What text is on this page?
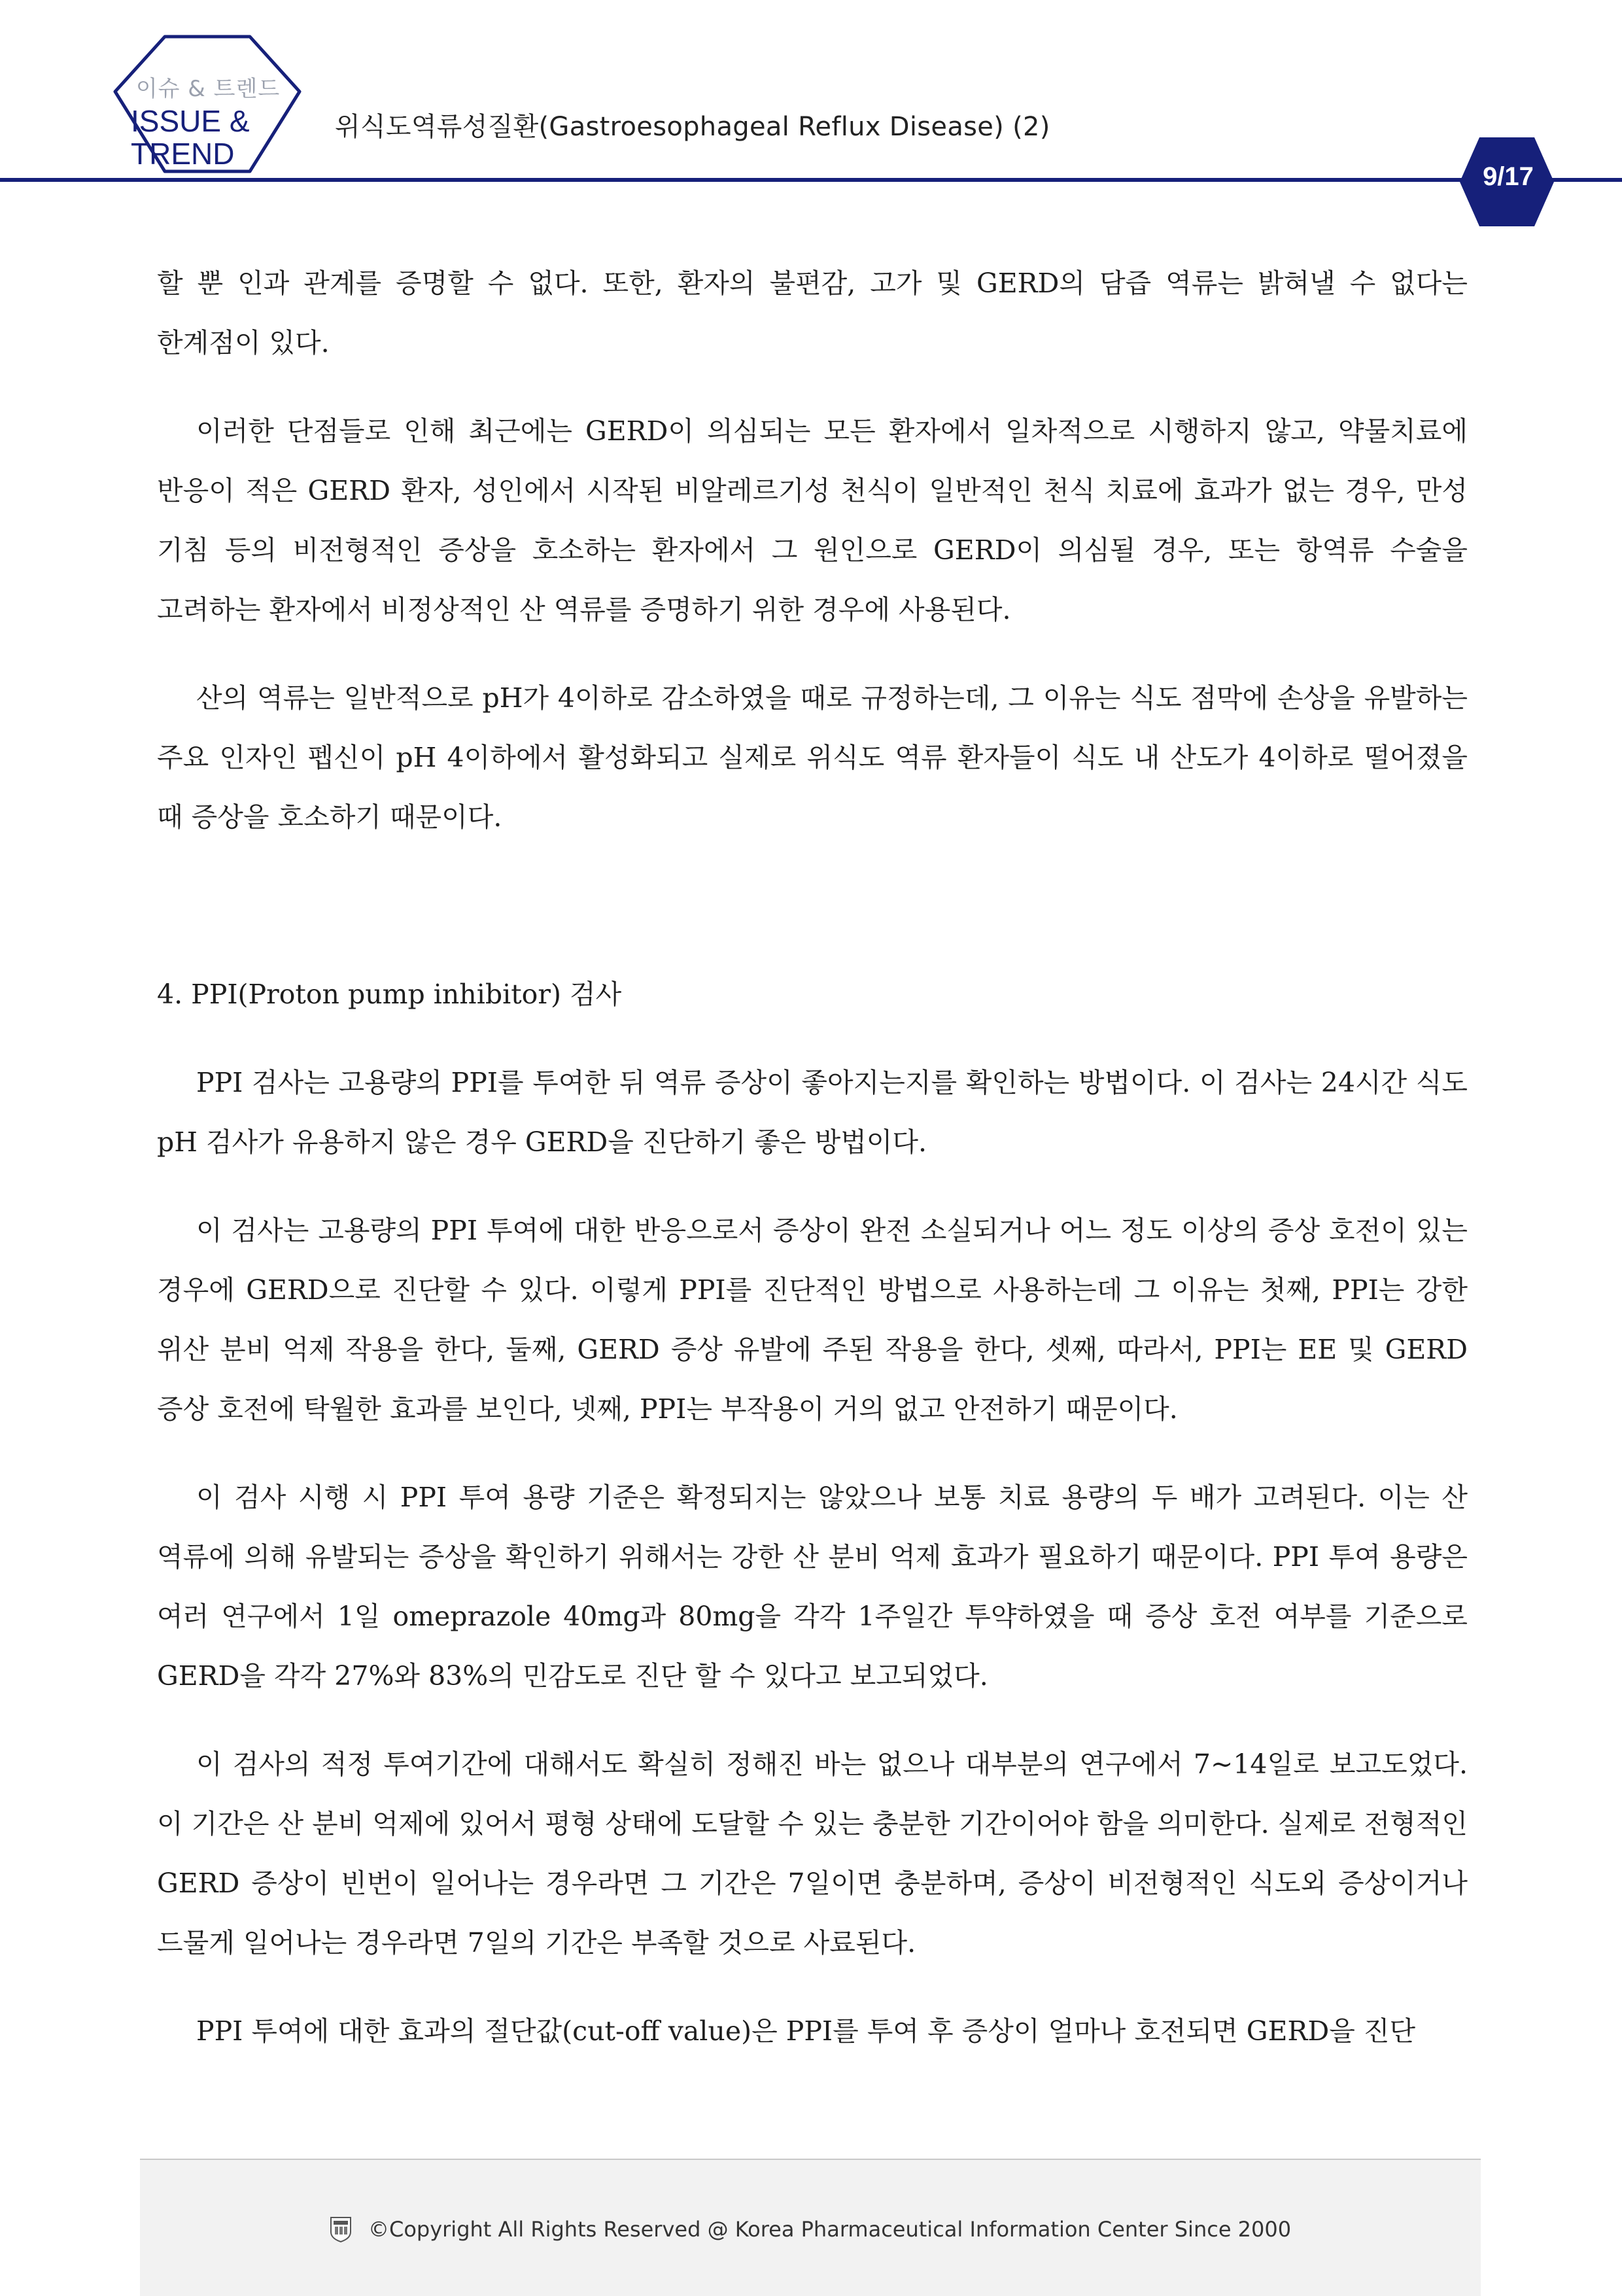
이슈 & 트렌드
ISSUE &
TREND
위식도역류성질환(Gastroesophageal Reflux Disease) (2)
9/17

할 뿐 인과 관계를 증명할 수 없다. 또한, 환자의 불편감, 고가 및 GERD의 담즙 역류는 밝혀낼 수 없다는 한계점이 있다.

이러한 단점들로 인해 최근에는 GERD이 의심되는 모든 환자에서 일차적으로 시행하지 않고, 약물치료에 반응이 적은 GERD 환자, 성인에서 시작된 비알레르기성 천식이 일반적인 천식 치료에 효과가 없는 경우, 만성 기침 등의 비전형적인 증상을 호소하는 환자에서 그 원인으로 GERD이 의심될 경우, 또는 항역류 수술을 고려하는 환자에서 비정상적인 산 역류를 증명하기 위한 경우에 사용된다.

산의 역류는 일반적으로 pH가 4이하로 감소하였을 때로 규정하는데, 그 이유는 식도 점막에 손상을 유발하는 주요 인자인 펩신이 pH 4이하에서 활성화되고 실제로 위식도 역류 환자들이 식도 내 산도가 4이하로 떨어졌을 때 증상을 호소하기 때문이다.

4. PPI(Proton pump inhibitor) 검사

PPI 검사는 고용량의 PPI를 투여한 뒤 역류 증상이 좋아지는지를 확인하는 방법이다. 이 검사는 24시간 식도 pH 검사가 유용하지 않은 경우 GERD을 진단하기 좋은 방법이다.

이 검사는 고용량의 PPI 투여에 대한 반응으로서 증상이 완전 소실되거나 어느 정도 이상의 증상 호전이 있는 경우에 GERD으로 진단할 수 있다. 이렇게 PPI를 진단적인 방법으로 사용하는데 그 이유는 첫째, PPI는 강한 위산 분비 억제 작용을 한다, 둘째, GERD 증상 유발에 주된 작용을 한다, 셋째, 따라서, PPI는 EE 및 GERD 증상 호전에 탁월한 효과를 보인다, 넷째, PPI는 부작용이 거의 없고 안전하기 때문이다.

이 검사 시행 시 PPI 투여 용량 기준은 확정되지는 않았으나 보통 치료 용량의 두 배가 고려된다. 이는 산 역류에 의해 유발되는 증상을 확인하기 위해서는 강한 산 분비 억제 효과가 필요하기 때문이다. PPI 투여 용량은 여러 연구에서 1일 omeprazole 40mg과 80mg을 각각 1주일간 투약하였을 때 증상 호전 여부를 기준으로 GERD을 각각 27%와 83%의 민감도로 진단 할 수 있다고 보고되었다.

이 검사의 적정 투여기간에 대해서도 확실히 정해진 바는 없으나 대부분의 연구에서 7~14일로 보고도었다. 이 기간은 산 분비 억제에 있어서 평형 상태에 도달할 수 있는 충분한 기간이어야 함을 의미한다. 실제로 전형적인 GERD 증상이 빈번이 일어나는 경우라면 그 기간은 7일이면 충분하며, 증상이 비전형적인 식도외 증상이거나 드물게 일어나는 경우라면 7일의 기간은 부족할 것으로 사료된다.

PPI 투여에 대한 효과의 절단값(cut-off value)은 PPI를 투여 후 증상이 얼마나 호전되면 GERD을 진단

©Copyright All Rights Reserved @ Korea Pharmaceutical Information Center Since 2000
